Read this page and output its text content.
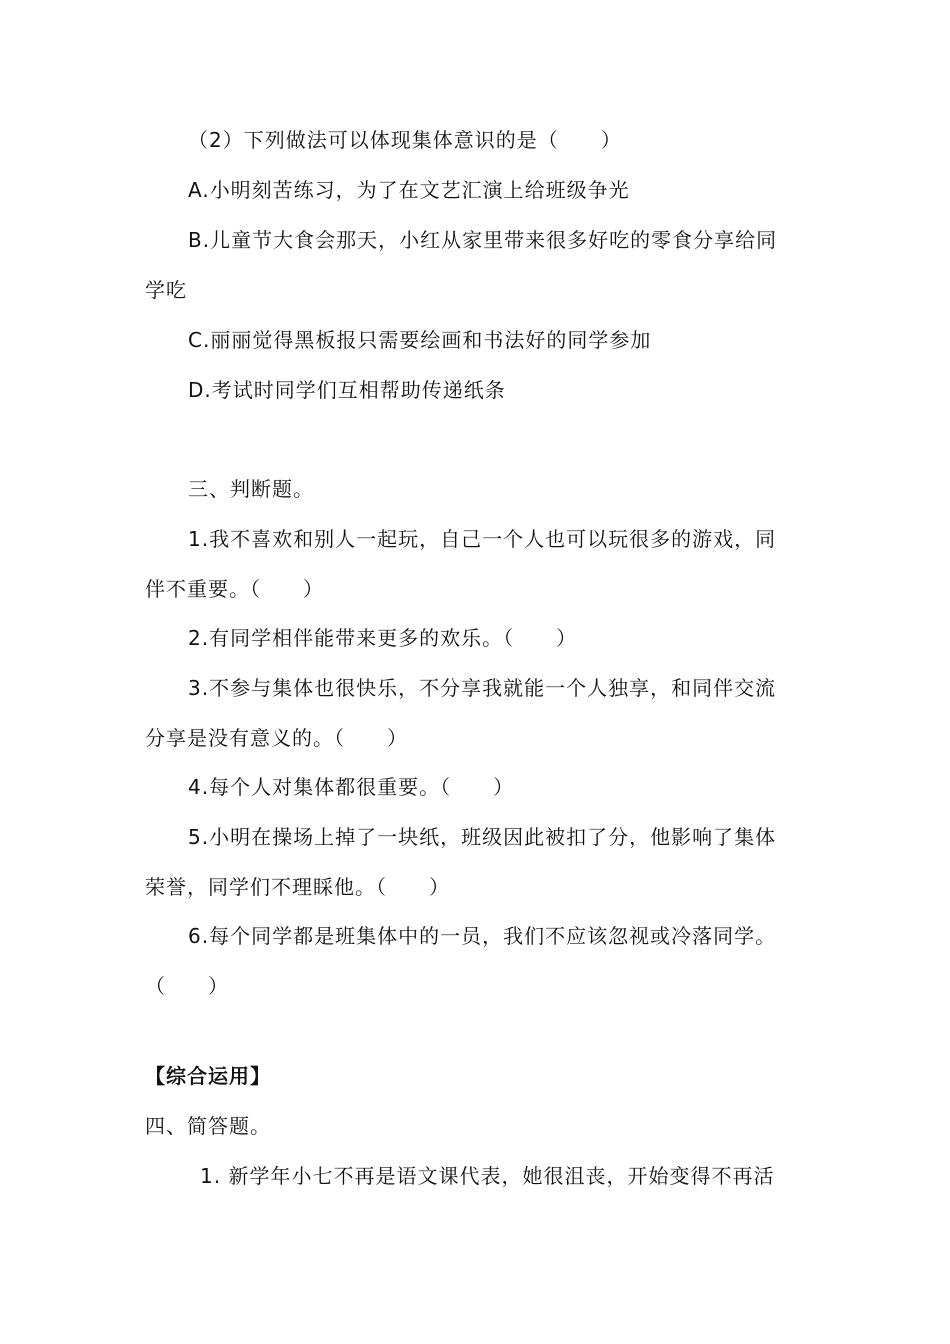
（2）下列做法可以体现集体意识的是（　　）
A.小明刻苦练习，为了在文艺汇演上给班级争光
B.儿童节大食会那天，小红从家里带来很多好吃的零食分享给同
学吃
C.丽丽觉得黑板报只需要绘画和书法好的同学参加
D.考试时同学们互相帮助传递纸条
三、判断题。
1.我不喜欢和别人一起玩，自己一个人也可以玩很多的游戏，同
伴不重要。（　　）
2.有同学相伴能带来更多的欢乐。（　　）
3.不参与集体也很快乐，不分享我就能一个人独享，和同伴交流
分享是没有意义的。（　　）
4.每个人对集体都很重要。（　　）
5.小明在操场上掉了一块纸，班级因此被扣了分，他影响了集体
荣誉，同学们不理睬他。（　　）
6.每个同学都是班集体中的一员，我们不应该忽视或冷落同学。
（　　）
【综合运用】
四、简答题。
1. 新学年小七不再是语文课代表，她很沮丧，开始变得不再活
